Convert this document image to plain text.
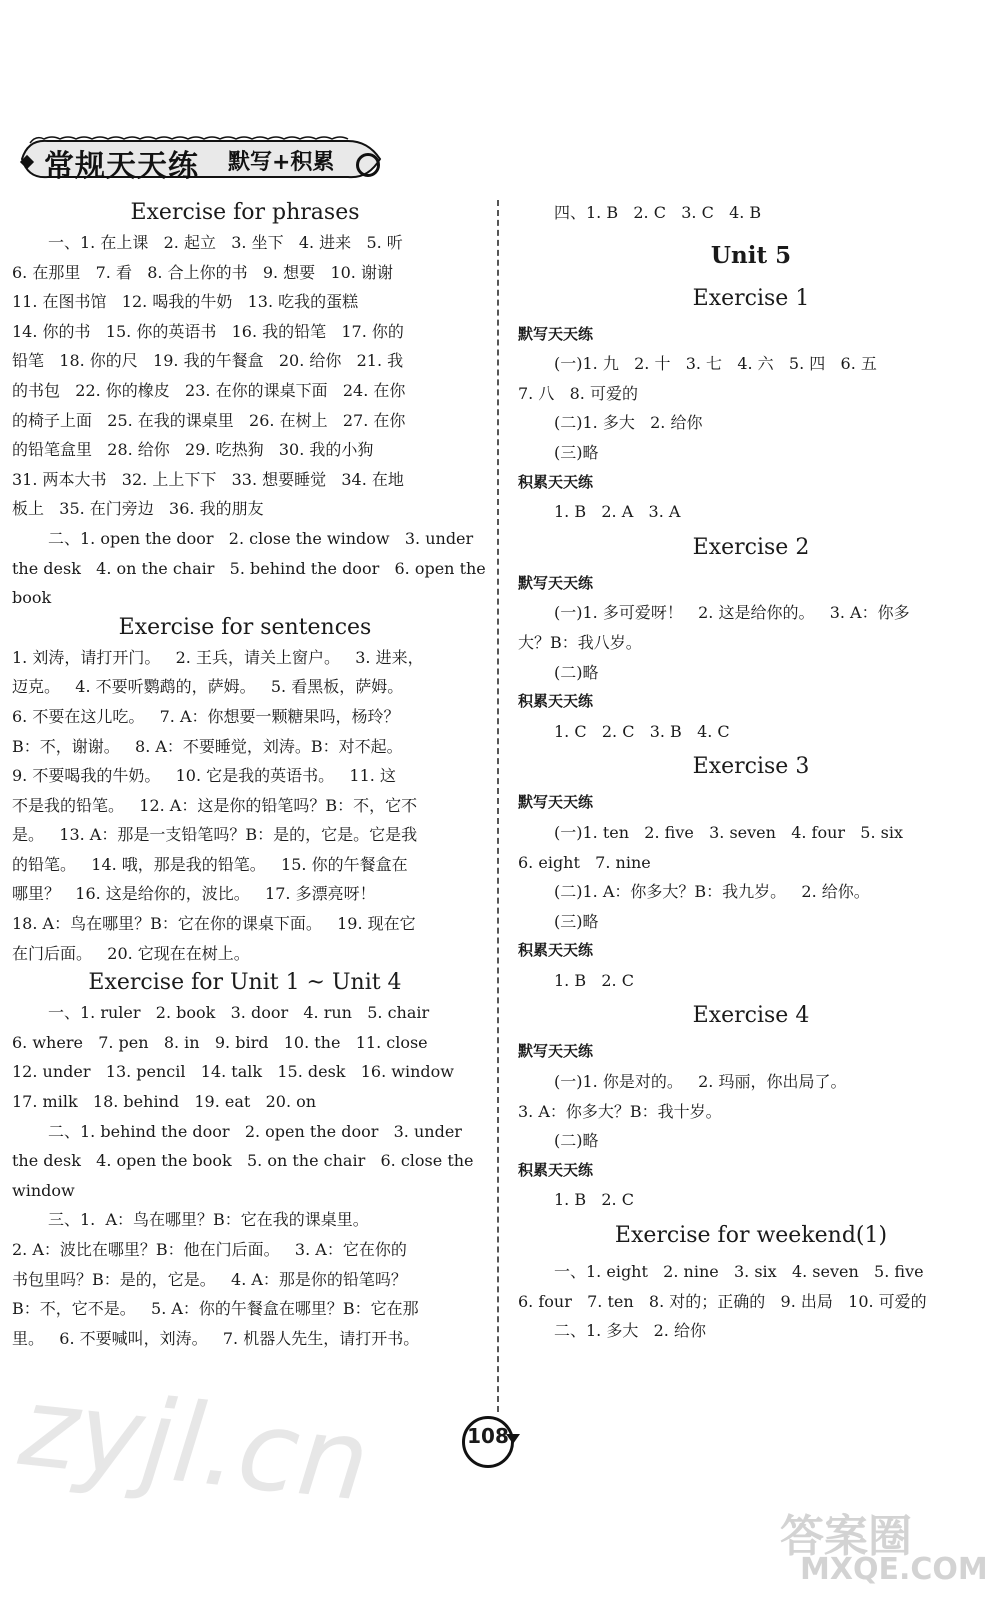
常规天天练 默写+积累

Exercise for phrases

一、1. 在上课   2. 起立   3. 坐下   4. 进来   5. 听

6. 在那里   7. 看   8. 合上你的书   9. 想要   10. 谢谢

11. 在图书馆   12. 喝我的牛奶   13. 吃我的蛋糕

14. 你的书   15. 你的英语书   16. 我的铅笔   17. 你的

铅笔   18. 你的尺   19. 我的午餐盒   20. 给你   21. 我

的书包   22. 你的橡皮   23. 在你的课桌下面   24. 在你

的椅子上面   25. 在我的课桌里   26. 在树上   27. 在你

的铅笔盒里   28. 给你   29. 吃热狗   30. 我的小狗

31. 两本大书   32. 上上下下   33. 想要睡觉   34. 在地

板上   35. 在门旁边   36. 我的朋友

二、1. open the door   2. close the window   3. under

the desk   4. on the chair   5. behind the door   6. open the

book

Exercise for sentences

1. 刘涛，请打开门。   2. 王兵，请关上窗户。   3. 进来，

迈克。   4. 不要听鹦鹉的，萨姆。   5. 看黑板，萨姆。

6. 不要在这儿吃。   7. A：你想要一颗糖果吗，杨玲？

B：不，谢谢。   8. A：不要睡觉，刘涛。B：对不起。

9. 不要喝我的牛奶。   10. 它是我的英语书。   11. 这

不是我的铅笔。   12. A：这是你的铅笔吗？B：不，它不

是。   13. A：那是一支铅笔吗？B：是的，它是。它是我

的铅笔。   14. 哦，那是我的铅笔。   15. 你的午餐盒在

哪里？   16. 这是给你的，波比。   17. 多漂亮呀！

18. A：鸟在哪里？B：它在你的课桌下面。   19. 现在它

在门后面。   20. 它现在在树上。

Exercise for Unit 1 ~ Unit 4

一、1. ruler   2. book   3. door   4. run   5. chair

6. where   7. pen   8. in   9. bird   10. the   11. close

12. under   13. pencil   14. talk   15. desk   16. window

17. milk   18. behind   19. eat   20. on

二、1. behind the door   2. open the door   3. under

the desk   4. open the book   5. on the chair   6. close the

window

三、1.  A：鸟在哪里？B：它在我的课桌里。

2. A：波比在哪里？B：他在门后面。   3. A：它在你的

书包里吗？B：是的，它是。   4. A：那是你的铅笔吗？

B：不，它不是。   5. A：你的午餐盒在哪里？B：它在那

里。   6. 不要喊叫，刘涛。   7. 机器人先生，请打开书。

四、1. B   2. C   3. C   4. B

Unit 5

Exercise 1

默写天天练

(一)1. 九   2. 十   3. 七   4. 六   5. 四   6. 五

7. 八   8. 可爱的

(二)1. 多大   2. 给你

(三)略

积累天天练

1. B   2. A   3. A

Exercise 2

默写天天练

(一)1. 多可爱呀！   2. 这是给你的。   3. A：你多

大？B：我八岁。

(二)略

积累天天练

1. C   2. C   3. B   4. C

Exercise 3

默写天天练

(一)1. ten   2. five   3. seven   4. four   5. six

6. eight   7. nine

(二)1. A：你多大？B：我九岁。   2. 给你。

(三)略

积累天天练

1. B   2. C

Exercise 4

默写天天练

(一)1. 你是对的。   2. 玛丽，你出局了。

3. A：你多大？B：我十岁。

(二)略

积累天天练

1. B   2. C

Exercise for weekend(1)

一、1. eight   2. nine   3. six   4. seven   5. five

6. four   7. ten   8. 对的；正确的   9. 出局   10. 可爱的

二、1. 多大   2. 给你

108
zyjl.cn
答案圈
MXQE.COM
